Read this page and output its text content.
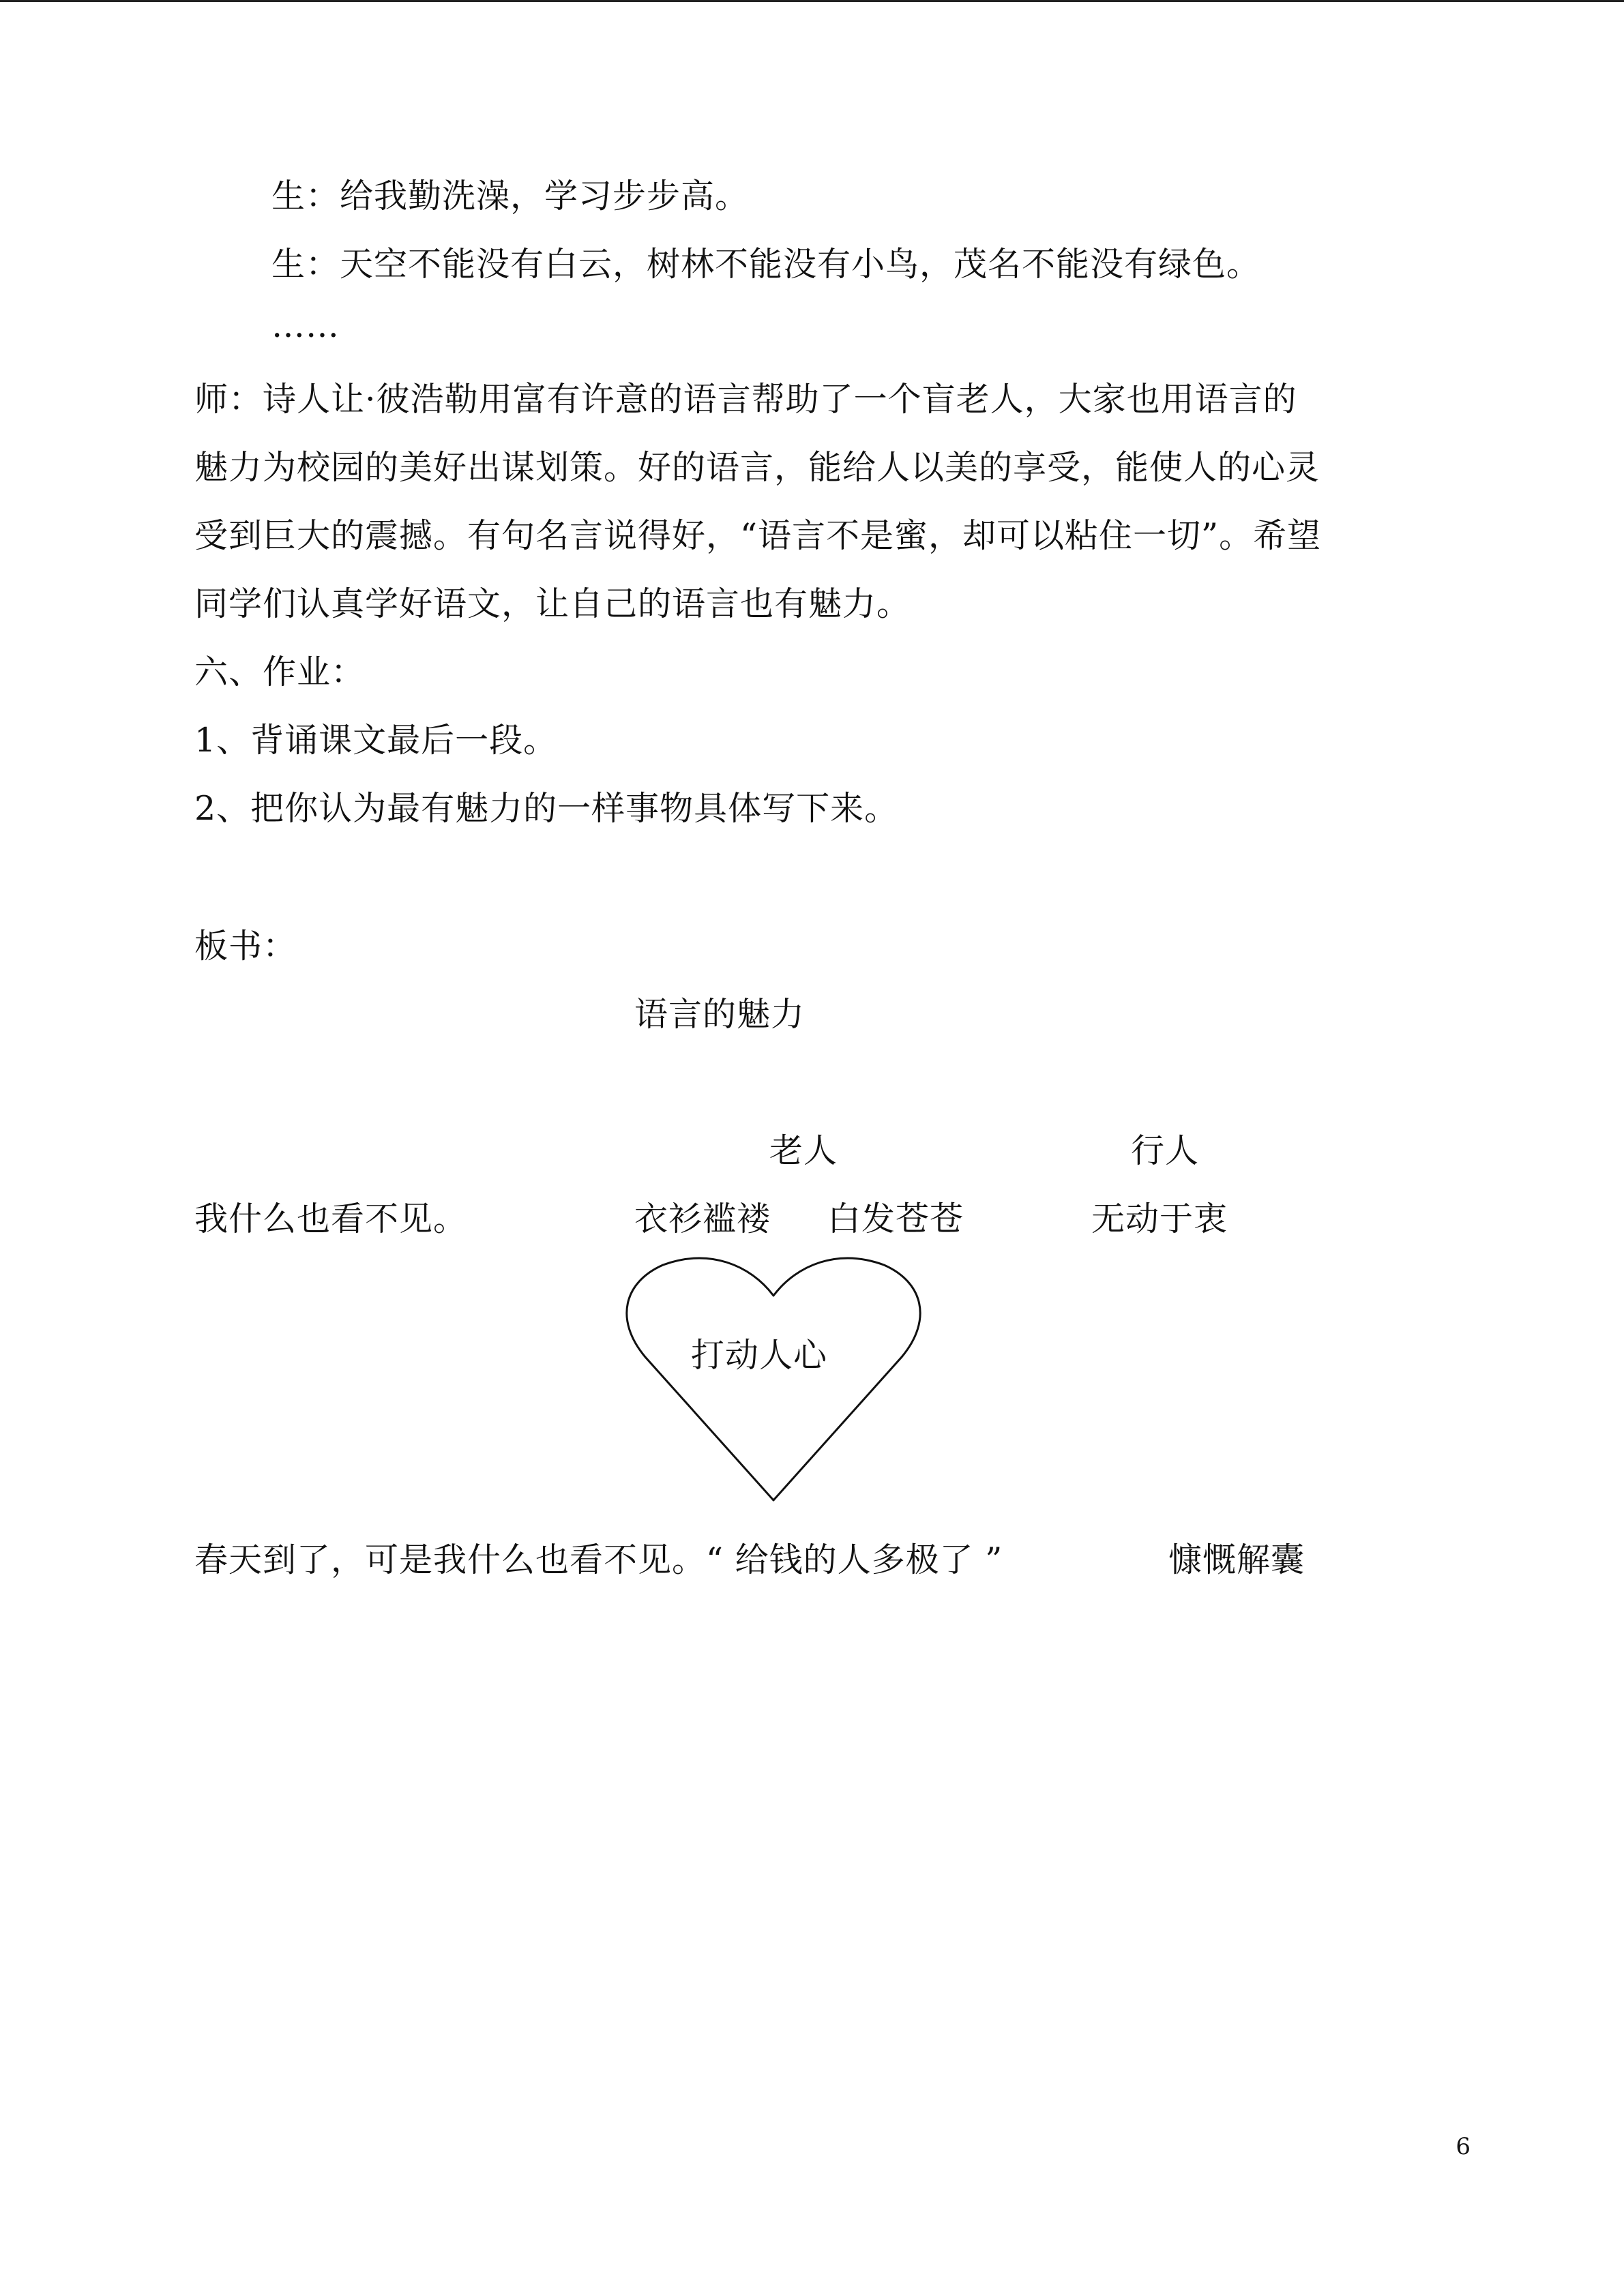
生：给我勤洗澡，学习步步高。
生：天空不能没有白云，树林不能没有小鸟，茂名不能没有绿色。
……
师：诗人让·彼浩勒用富有许意的语言帮助了一个盲老人，大家也用语言的
魅力为校园的美好出谋划策。好的语言，能给人以美的享受，能使人的心灵
受到巨大的震撼。有句名言说得好，“语言不是蜜，却可以粘住一切”。希望
同学们认真学好语文，让自己的语言也有魅力。
六、作业：
1、背诵课文最后一段。
2、把你认为最有魅力的一样事物具体写下来。
板书：
语言的魅力
老人	行人
我什么也看不见。	衣衫褴褛 白发苍苍	无动于衷
打动人心
春天到了，可是我什么也看不见。“ 给钱的人多极了 ”	慷慨解囊
6
